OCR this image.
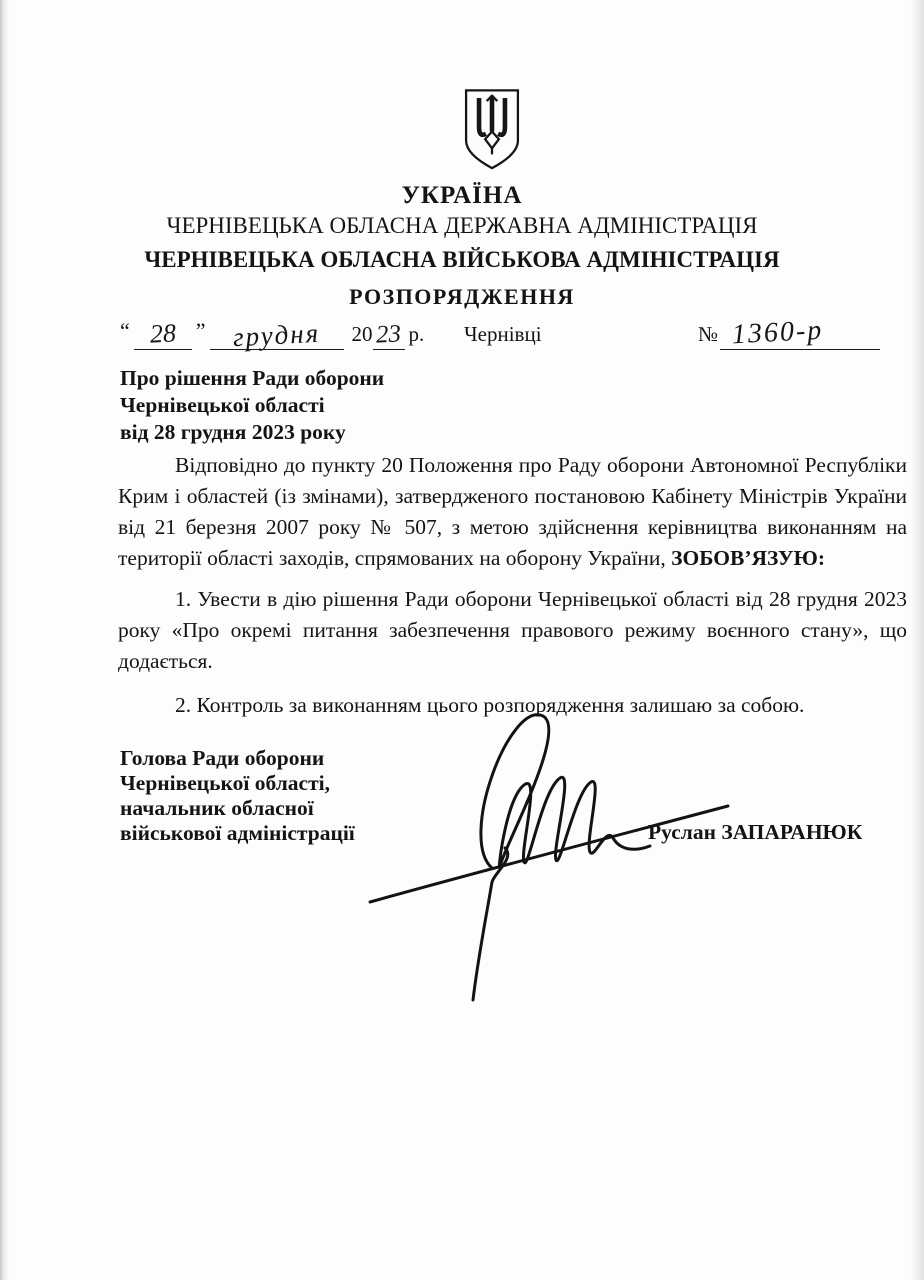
УКРАЇНА
ЧЕРНІВЕЦЬКА ОБЛАСНА ДЕРЖАВНА АДМІНІСТРАЦІЯ
ЧЕРНІВЕЦЬКА ОБЛАСНА ВІЙСЬКОВА АДМІНІСТРАЦІЯ
РОЗПОРЯДЖЕННЯ
“ 28 ” грудня 20 23 р. Чернівці	№ 1360-р
Про рішення Ради оборони
Чернівецької області
від 28 грудня 2023 року

Відповідно до пункту 20 Положення про Раду оборони Автономної Республіки Крим і областей (із змінами), затвердженого постановою Кабінету Міністрів України від 21 березня 2007 року № 507, з метою здійснення керівництва виконанням на території області заходів, спрямованих на оборону України, ЗОБОВ’ЯЗУЮ:

1. Увести в дію рішення Ради оборони Чернівецької області від 28 грудня 2023 року «Про окремі питання забезпечення правового режиму воєнного стану», що додається.

2. Контроль за виконанням цього розпорядження залишаю за собою.

Голова Ради оборони
Чернівецької області,
начальник обласної
військової адміністрації	Руслан ЗАПАРАНЮК
